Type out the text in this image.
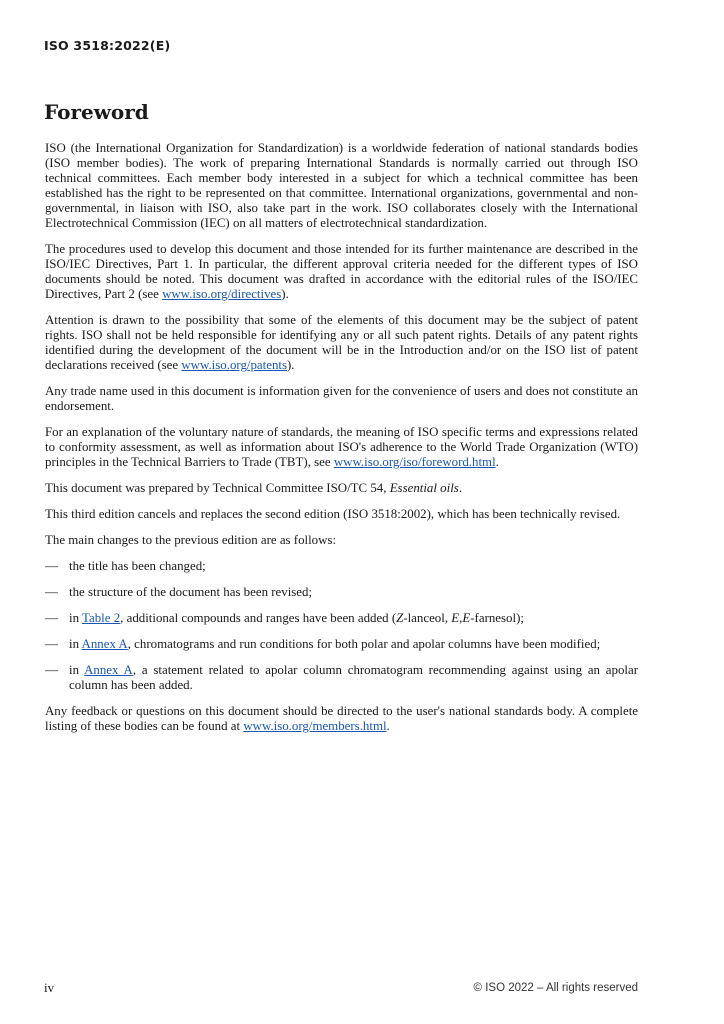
ISO 3518:2022(E)
Foreword

ISO (the International Organization for Standardization) is a worldwide federation of national standards bodies (ISO member bodies). The work of preparing International Standards is normally carried out through ISO technical committees. Each member body interested in a subject for which a technical committee has been established has the right to be represented on that committee. International organizations, governmental and non-governmental, in liaison with ISO, also take part in the work. ISO collaborates closely with the International Electrotechnical Commission (IEC) on all matters of electrotechnical standardization.

The procedures used to develop this document and those intended for its further maintenance are described in the ISO/IEC Directives, Part 1. In particular, the different approval criteria needed for the different types of ISO documents should be noted. This document was drafted in accordance with the editorial rules of the ISO/IEC Directives, Part 2 (see www.iso.org/directives).

Attention is drawn to the possibility that some of the elements of this document may be the subject of patent rights. ISO shall not be held responsible for identifying any or all such patent rights. Details of any patent rights identified during the development of the document will be in the Introduction and/or on the ISO list of patent declarations received (see www.iso.org/patents).

Any trade name used in this document is information given for the convenience of users and does not constitute an endorsement.

For an explanation of the voluntary nature of standards, the meaning of ISO specific terms and expressions related to conformity assessment, as well as information about ISO's adherence to the World Trade Organization (WTO) principles in the Technical Barriers to Trade (TBT), see www.iso.org/iso/foreword.html.

This document was prepared by Technical Committee ISO/TC 54, Essential oils.

This third edition cancels and replaces the second edition (ISO 3518:2002), which has been technically revised.

The main changes to the previous edition are as follows:

— the title has been changed;
— the structure of the document has been revised;
— in Table 2, additional compounds and ranges have been added (Z-lanceol, E,E-farnesol);
— in Annex A, chromatograms and run conditions for both polar and apolar columns have been modified;
— in Annex A, a statement related to apolar column chromatogram recommending against using an apolar column has been added.

Any feedback or questions on this document should be directed to the user's national standards body. A complete listing of these bodies can be found at www.iso.org/members.html.

iv	© ISO 2022 – All rights reserved
